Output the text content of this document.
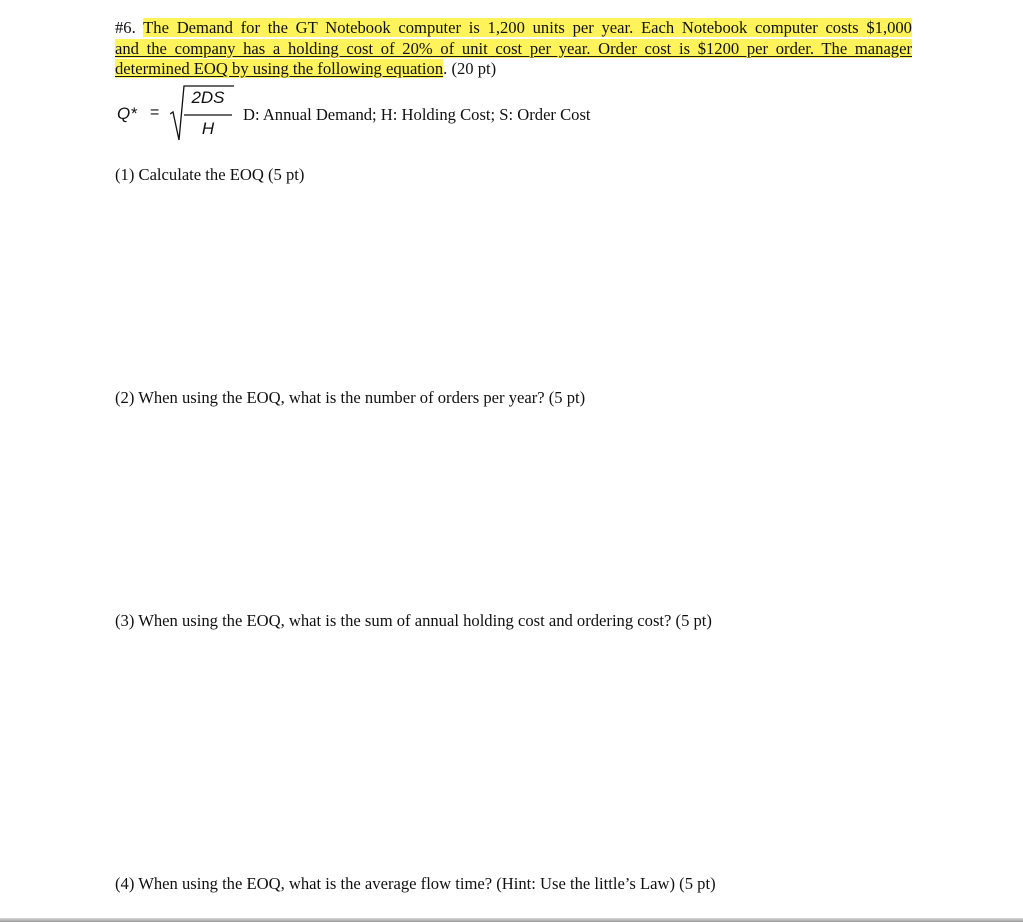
#6. The Demand for the GT Notebook computer is 1,200 units per year. Each Notebook computer costs $1,000
and the company has a holding cost of 20% of unit cost per year. Order cost is $1200 per order. The manager
determined EOQ by using the following equation. (20 pt)
Q* =
2DS
H
D: Annual Demand; H: Holding Cost; S: Order Cost
(1) Calculate the EOQ (5 pt)
(2) When using the EOQ, what is the number of orders per year? (5 pt)
(3) When using the EOQ, what is the sum of annual holding cost and ordering cost? (5 pt)
(4) When using the EOQ, what is the average flow time? (Hint: Use the little’s Law) (5 pt)
